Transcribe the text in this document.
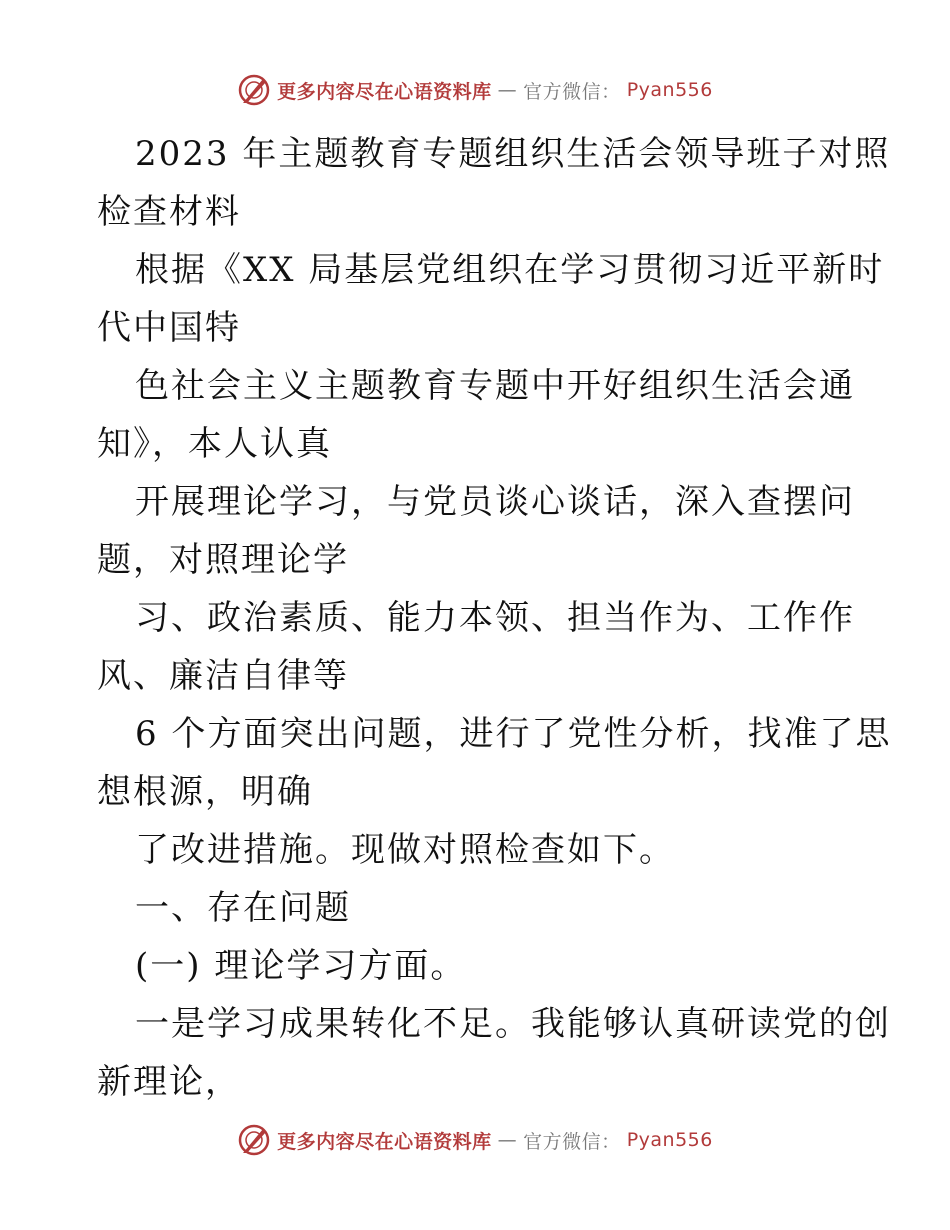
更多内容尽在心语资料库 — 官方微信： Pyan556
2023 年主题教育专题组织生活会领导班子对照
检查材料
根据《XX 局基层党组织在学习贯彻习近平新时
代中国特
色社会主义主题教育专题中开好组织生活会通
知》，本人认真
开展理论学习，与党员谈心谈话，深入查摆问
题，对照理论学
习、政治素质、能力本领、担当作为、工作作
风、廉洁自律等
6 个方面突出问题，进行了党性分析，找准了思
想根源，明确
了改进措施。现做对照检查如下。
一、存在问题
(一) 理论学习方面。
一是学习成果转化不足。我能够认真研读党的创
新理论，
更多内容尽在心语资料库 — 官方微信： Pyan556
